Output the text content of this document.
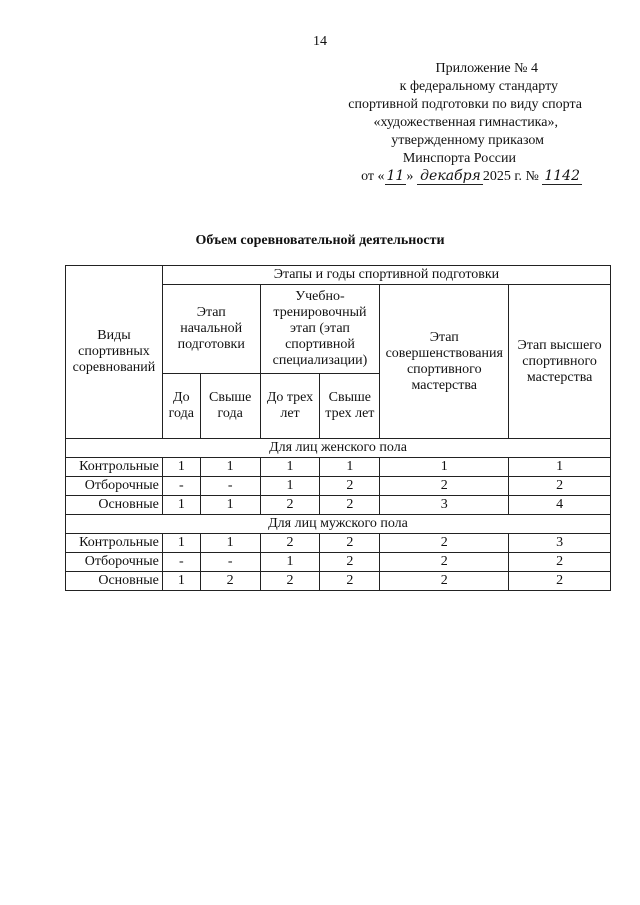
14
Приложение № 4
к федеральному стандарту
спортивной подготовки по виду спорта
«художественная гимнастика»,
утвержденному приказом
Минспорта России
от « 11 » декабря 2025 г. № 1142
Объем соревновательной деятельности
Виды спортивных соревнований	Этапы и годы спортивной подготовки					
	Этап начальной подготовки		Учебно-тренировочный этап (этап спортивной специализации)		Этап совершенствования спортивного мастерства	Этап высшего спортивного мастерства
	До года	Свыше года	До трех лет	Свыше трех лет		
Для лиц женского пола						
Контрольные	1	1	1	1	1	1
Отборочные	-	-	1	2	2	2
Основные	1	1	2	2	3	4
Для лиц мужского пола						
Контрольные	1	1	2	2	2	3
Отборочные	-	-	1	2	2	2
Основные	1	2	2	2	2	2
